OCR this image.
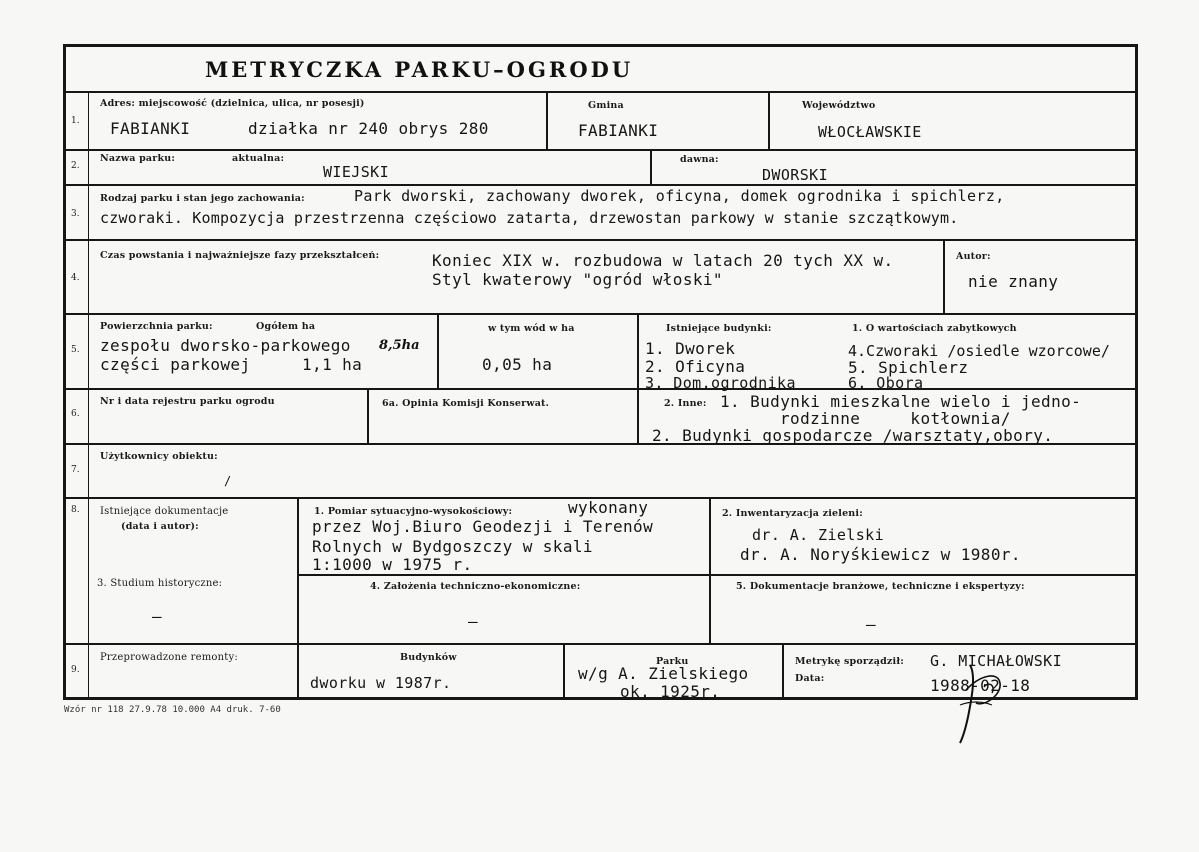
METRYCZKA PARKU–OGRODU
1.
Adres: miejscowość (dzielnica, ulica, nr posesji)
FABIANKI	działka nr 240 obrys 280
Gmina
FABIANKI
Województwo
WŁOCŁAWSKIE
2.
Nazwa parku:	aktualna:
WIEJSKI
dawna:
DWORSKI
3.
Rodzaj parku i stan jego zachowania:	Park dworski, zachowany dworek, oficyna, domek ogrodnika i spichlerz,
czworaki. Kompozycja przestrzenna częściowo zatarta, drzewostan parkowy w stanie szczątkowym.
4.
Czas powstania i najważniejsze fazy przekształceń:	Koniec XIX w. rozbudowa w latach 20 tych XX w.
Styl kwaterowy "ogród włoski"
Autor:
nie znany
5.
Powierzchnia parku:	Ogółem ha
zespołu dworsko-parkowego 8,5ha
części parkowej	1,1 ha
w tym wód w ha
0,05 ha
Istniejące budynki:	1. O wartościach zabytkowych
1. Dworek
2. Oficyna
3. Dom.ogrodnika
4.Czworaki /osiedle wzorcowe/
5. Spichlerz
6. Obora
6.
Nr i data rejestru parku ogrodu	6a. Opinia Komisji Konserwat.	2. Inne: 1. Budynki mieszkalne wielo i jedno-
rodzinne     kotłownia/
2. Budynki gospodarcze /warsztaty,obory.
7.
Użytkownicy obiektu:
/
8. Istniejące dokumentacje
(data i autor):
1. Pomiar sytuacyjno-wysokościowy:	wykonany
przez Woj.Biuro Geodezji i Terenów
Rolnych w Bydgoszczy w skali
1:1000 w 1975 r.
2. Inwentaryzacja zieleni:
dr. A. Zielski
dr. A. Noryśkiewicz w 1980r.
3. Studium historyczne:
–
4. Założenia techniczno-ekonomiczne:
–
5. Dokumentacje branżowe, techniczne i ekspertyzy:
–
9.
Przeprowadzone remonty:	Budynków
dworku w 1987r.
Parku
w/g A. Zielskiego
ok. 1925r.
Metrykę sporządził: G. MICHAŁOWSKI
Data:	1988-02-18
Wzór nr 118 27.9.78 10.000 A4 druk. 7-60
